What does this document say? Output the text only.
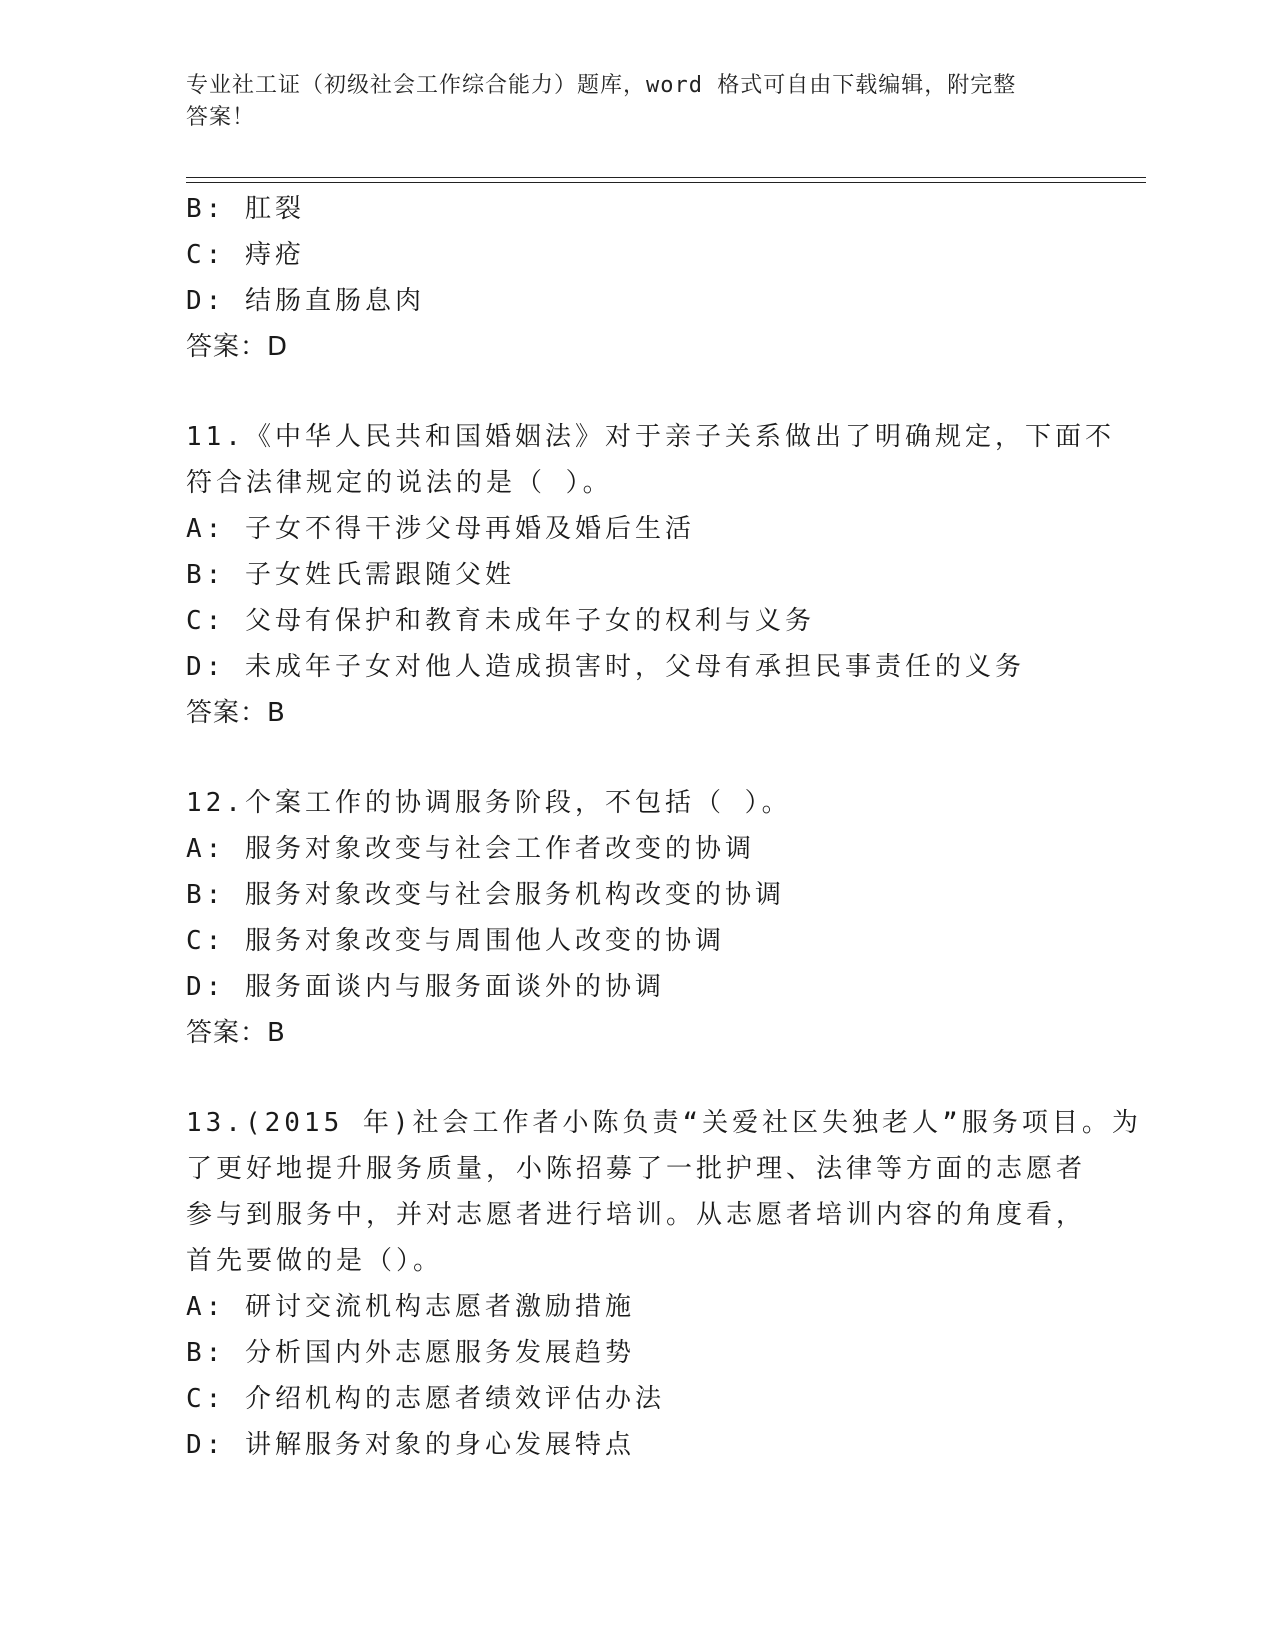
专业社工证（初级社会工作综合能力）题库，word 格式可自由下载编辑，附完整
答案！
B: 肛裂
C: 痔疮
D: 结肠直肠息肉
答案：D
11.《中华人民共和国婚姻法》对于亲子关系做出了明确规定，下面不
符合法律规定的说法的是（ ）。
A: 子女不得干涉父母再婚及婚后生活
B: 子女姓氏需跟随父姓
C: 父母有保护和教育未成年子女的权利与义务
D: 未成年子女对他人造成损害时，父母有承担民事责任的义务
答案：B
12.个案工作的协调服务阶段，不包括（ ）。
A: 服务对象改变与社会工作者改变的协调
B: 服务对象改变与社会服务机构改变的协调
C: 服务对象改变与周围他人改变的协调
D: 服务面谈内与服务面谈外的协调
答案：B
13.(2015 年)社会工作者小陈负责“关爱社区失独老人”服务项目。为
了更好地提升服务质量，小陈招募了一批护理、法律等方面的志愿者
参与到服务中，并对志愿者进行培训。从志愿者培训内容的角度看，
首先要做的是（）。
A: 研讨交流机构志愿者激励措施
B: 分析国内外志愿服务发展趋势
C: 介绍机构的志愿者绩效评估办法
D: 讲解服务对象的身心发展特点
